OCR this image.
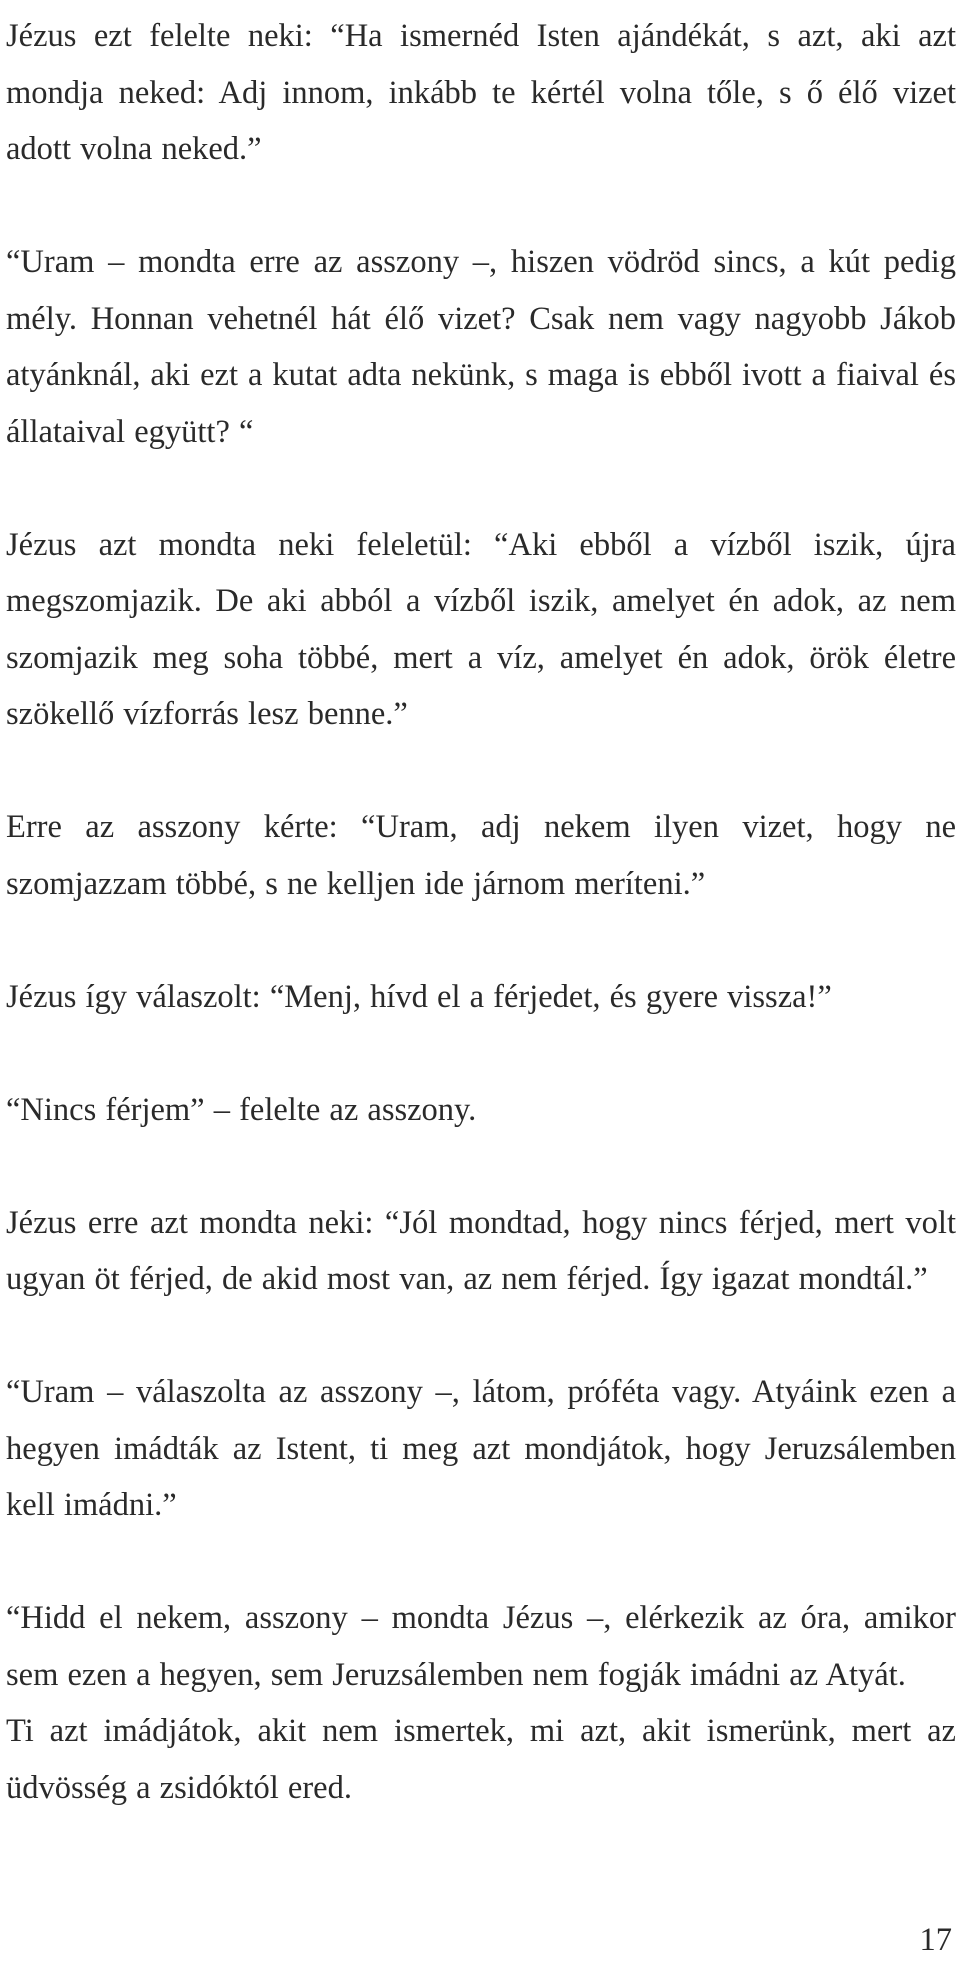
Jézus ezt felelte neki: “Ha ismernéd Isten ajándékát, s azt, aki azt mondja neked: Adj innom, inkább te kértél volna tőle, s ő élő vizet adott volna neked.”

“Uram – mondta erre az asszony –, hiszen vödröd sincs, a kút pedig mély. Honnan vehetnél hát élő vizet? Csak nem vagy nagyobb Jákob atyánknál, aki ezt a kutat adta nekünk, s maga is ebből ivott a fiaival és állataival együtt? “

Jézus azt mondta neki feleletül: “Aki ebből a vízből iszik, újra megszomjazik. De aki abból a vízből iszik, amelyet én adok, az nem szomjazik meg soha többé, mert a víz, amelyet én adok, örök életre szökellő vízforrás lesz benne.”

Erre az asszony kérte: “Uram, adj nekem ilyen vizet, hogy ne szomjazzam többé, s ne kelljen ide járnom meríteni.”

Jézus így válaszolt: “Menj, hívd el a férjedet, és gyere vissza!”

“Nincs férjem” – felelte az asszony.

Jézus erre azt mondta neki: “Jól mondtad, hogy nincs férjed, mert volt ugyan öt férjed, de akid most van, az nem férjed. Így igazat mondtál.”

“Uram – válaszolta az asszony –, látom, próféta vagy. Atyáink ezen a hegyen imádták az Istent, ti meg azt mondjátok, hogy Jeruzsálemben kell imádni.”

“Hidd el nekem, asszony – mondta Jézus –, elérkezik az óra, amikor sem ezen a hegyen, sem Jeruzsálemben nem fogják imádni az Atyát.

Ti azt imádjátok, akit nem ismertek, mi azt, akit ismerünk, mert az üdvösség a zsidóktól ered.

17
